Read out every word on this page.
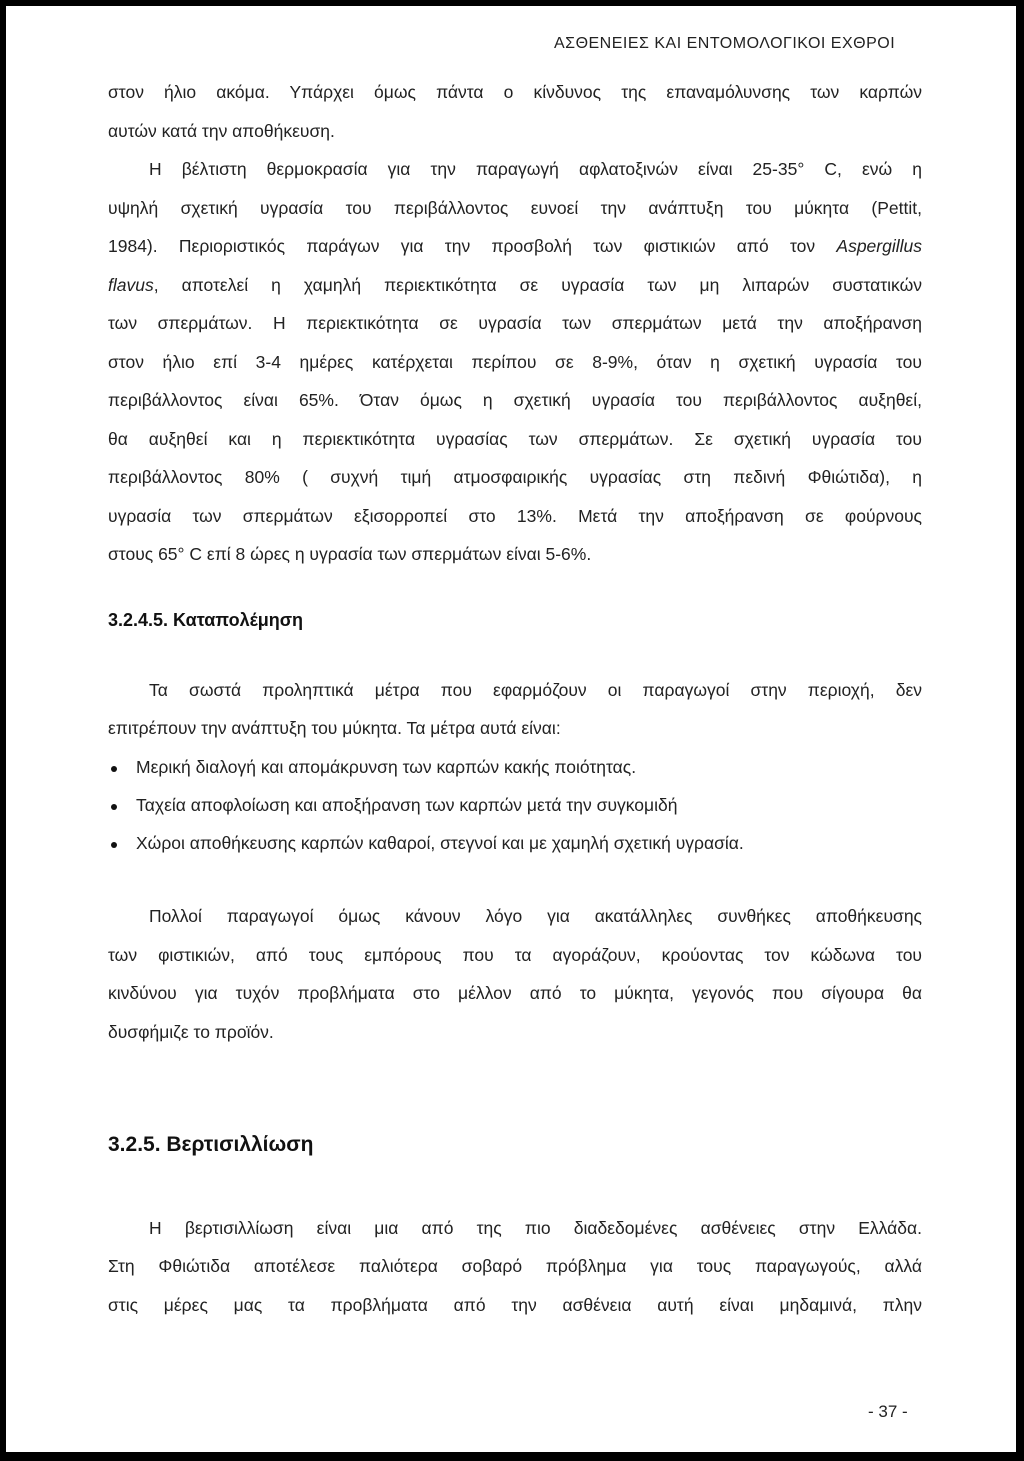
ΑΣΘΕΝΕΙΕΣ ΚΑΙ ΕΝΤΟΜΟΛΟΓΙΚΟΙ ΕΧΘΡΟΙ
στον ήλιο ακόμα. Υπάρχει όμως πάντα ο κίνδυνος της επαναμόλυνσης των καρπών
αυτών κατά την αποθήκευση.
Η βέλτιστη θερμοκρασία για την παραγωγή αφλατοξινών είναι 25-35° C, ενώ η
υψηλή σχετική υγρασία του περιβάλλοντος ευνοεί την ανάπτυξη του μύκητα (Pettit,
1984). Περιοριστικός παράγων για την προσβολή των φιστικιών από τον Aspergillus
flavus, αποτελεί η χαμηλή περιεκτικότητα σε υγρασία των μη λιπαρών συστατικών
των σπερμάτων. Η περιεκτικότητα σε υγρασία των σπερμάτων μετά την αποξήρανση
στον ήλιο επί 3-4 ημέρες κατέρχεται περίπου σε 8-9%, όταν η σχετική υγρασία του
περιβάλλοντος είναι 65%. Όταν όμως η σχετική υγρασία του περιβάλλοντος αυξηθεί,
θα αυξηθεί και η περιεκτικότητα υγρασίας των σπερμάτων. Σε σχετική υγρασία του
περιβάλλοντος 80% ( συχνή τιμή ατμοσφαιρικής υγρασίας στη πεδινή Φθιώτιδα), η
υγρασία των σπερμάτων εξισορροπεί στο 13%. Μετά την αποξήρανση σε φούρνους
στους 65° C επί 8 ώρες η υγρασία των σπερμάτων είναι 5-6%.
3.2.4.5. Καταπολέμηση
Τα σωστά προληπτικά μέτρα που εφαρμόζουν οι παραγωγοί στην περιοχή, δεν
επιτρέπουν την ανάπτυξη του μύκητα. Τα μέτρα αυτά είναι:
Μερική διαλογή και απομάκρυνση των καρπών κακής ποιότητας.
Ταχεία αποφλοίωση και αποξήρανση των καρπών μετά την συγκομιδή
Χώροι αποθήκευσης καρπών καθαροί, στεγνοί και με χαμηλή σχετική υγρασία.
Πολλοί παραγωγοί όμως κάνουν λόγο για ακατάλληλες συνθήκες αποθήκευσης
των φιστικιών, από τους εμπόρους που τα αγοράζουν, κρούοντας τον κώδωνα του
κινδύνου για τυχόν προβλήματα στο μέλλον από το μύκητα, γεγονός που σίγουρα θα
δυσφήμιζε το προϊόν.
3.2.5. Βερτισιλλίωση
Η βερτισιλλίωση είναι μια από της πιο διαδεδομένες ασθένειες στην Ελλάδα.
Στη Φθιώτιδα αποτέλεσε παλιότερα σοβαρό πρόβλημα για τους παραγωγούς, αλλά
στις μέρες μας τα προβλήματα από την ασθένεια αυτή είναι μηδαμινά, πλην
- 37 -
